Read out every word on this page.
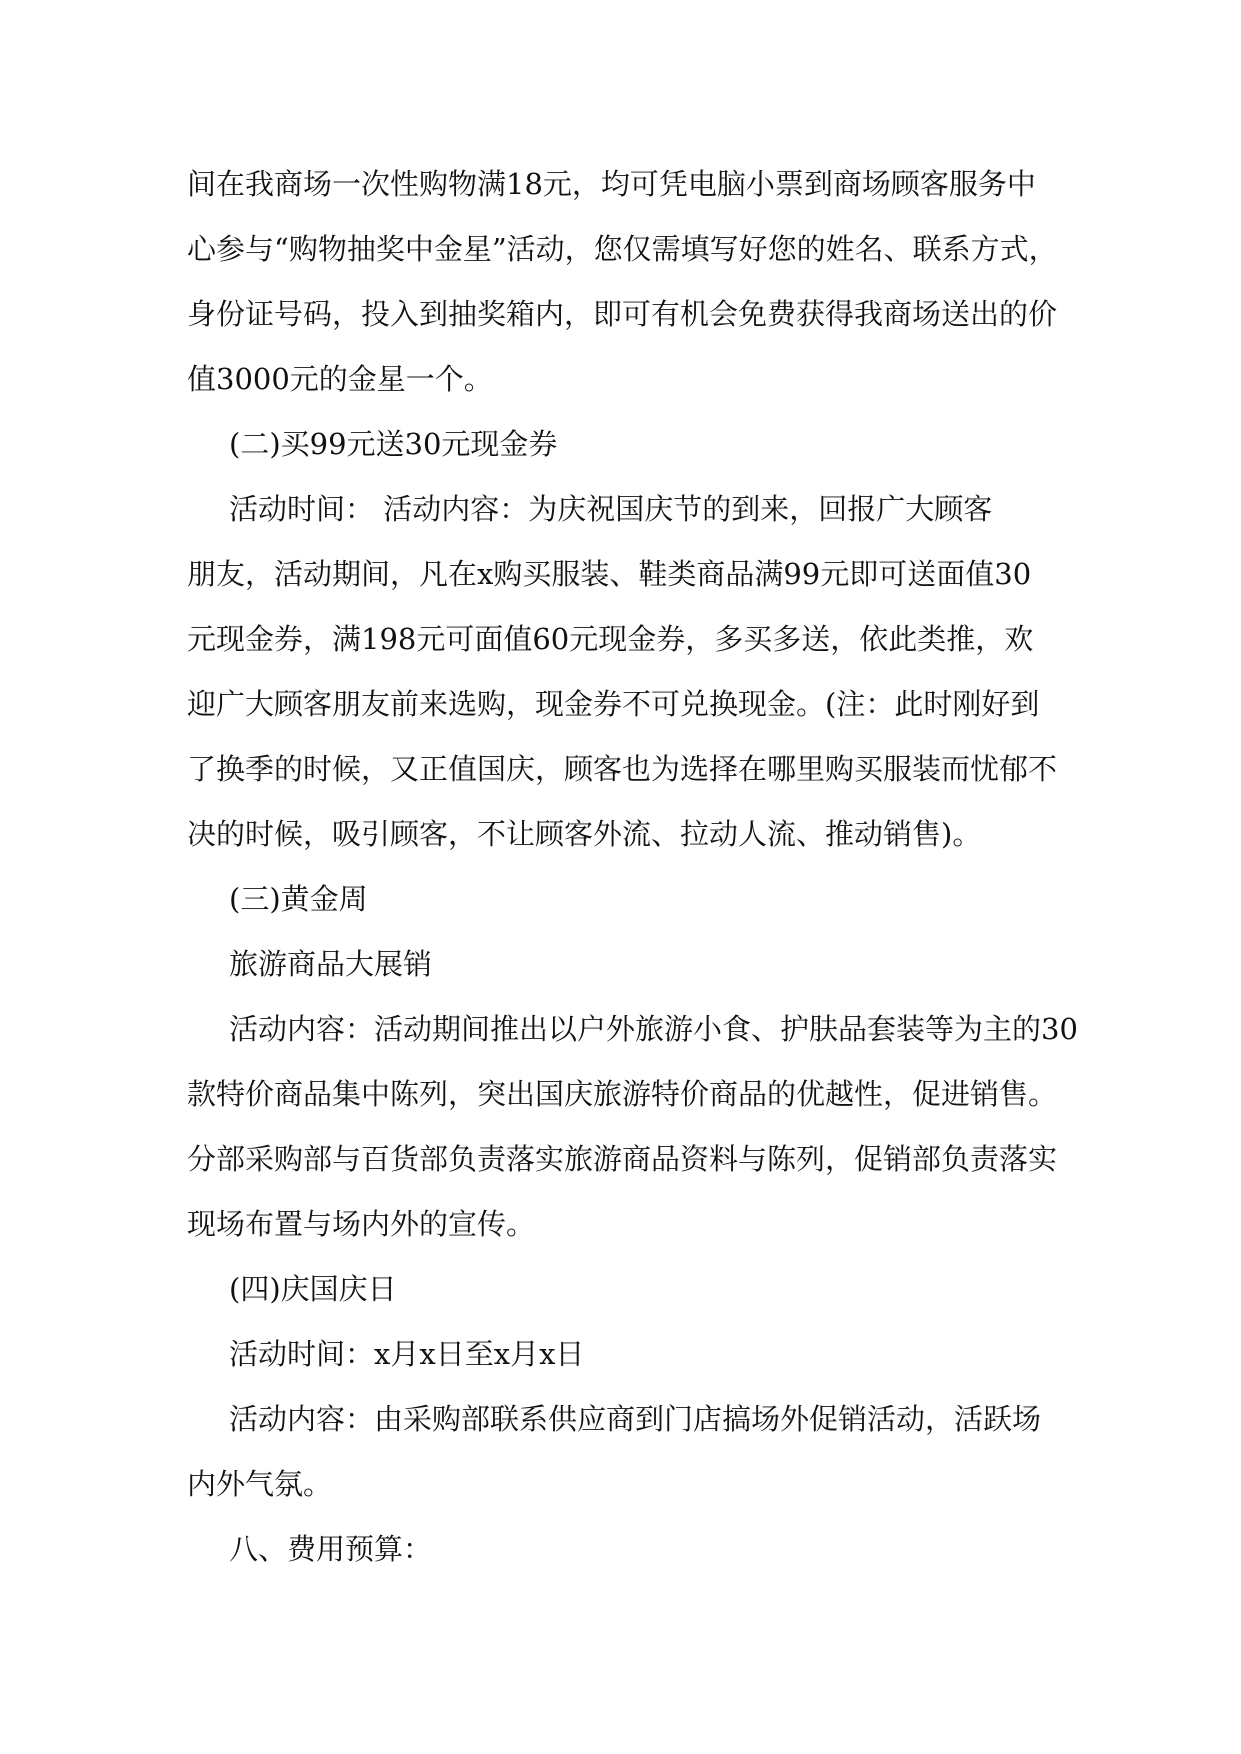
间在我商场一次性购物满18元，均可凭电脑小票到商场顾客服务中
心参与“购物抽奖中金星”活动，您仅需填写好您的姓名、联系方式，
身份证号码，投入到抽奖箱内，即可有机会免费获得我商场送出的价
值3000元的金星一个。
(二)买99元送30元现金券
活动时间： 活动内容：为庆祝国庆节的到来，回报广大顾客
朋友，活动期间，凡在x购买服装、鞋类商品满99元即可送面值30
元现金券，满198元可面值60元现金券，多买多送，依此类推，欢
迎广大顾客朋友前来选购，现金券不可兑换现金。(注：此时刚好到
了换季的时候，又正值国庆，顾客也为选择在哪里购买服装而忧郁不
决的时候，吸引顾客，不让顾客外流、拉动人流、推动销售)。
(三)黄金周
旅游商品大展销
活动内容：活动期间推出以户外旅游小食、护肤品套装等为主的30
款特价商品集中陈列，突出国庆旅游特价商品的优越性，促进销售。
分部采购部与百货部负责落实旅游商品资料与陈列，促销部负责落实
现场布置与场内外的宣传。
(四)庆国庆日
活动时间：x月x日至x月x日
活动内容：由采购部联系供应商到门店搞场外促销活动，活跃场
内外气氛。
八、费用预算：
